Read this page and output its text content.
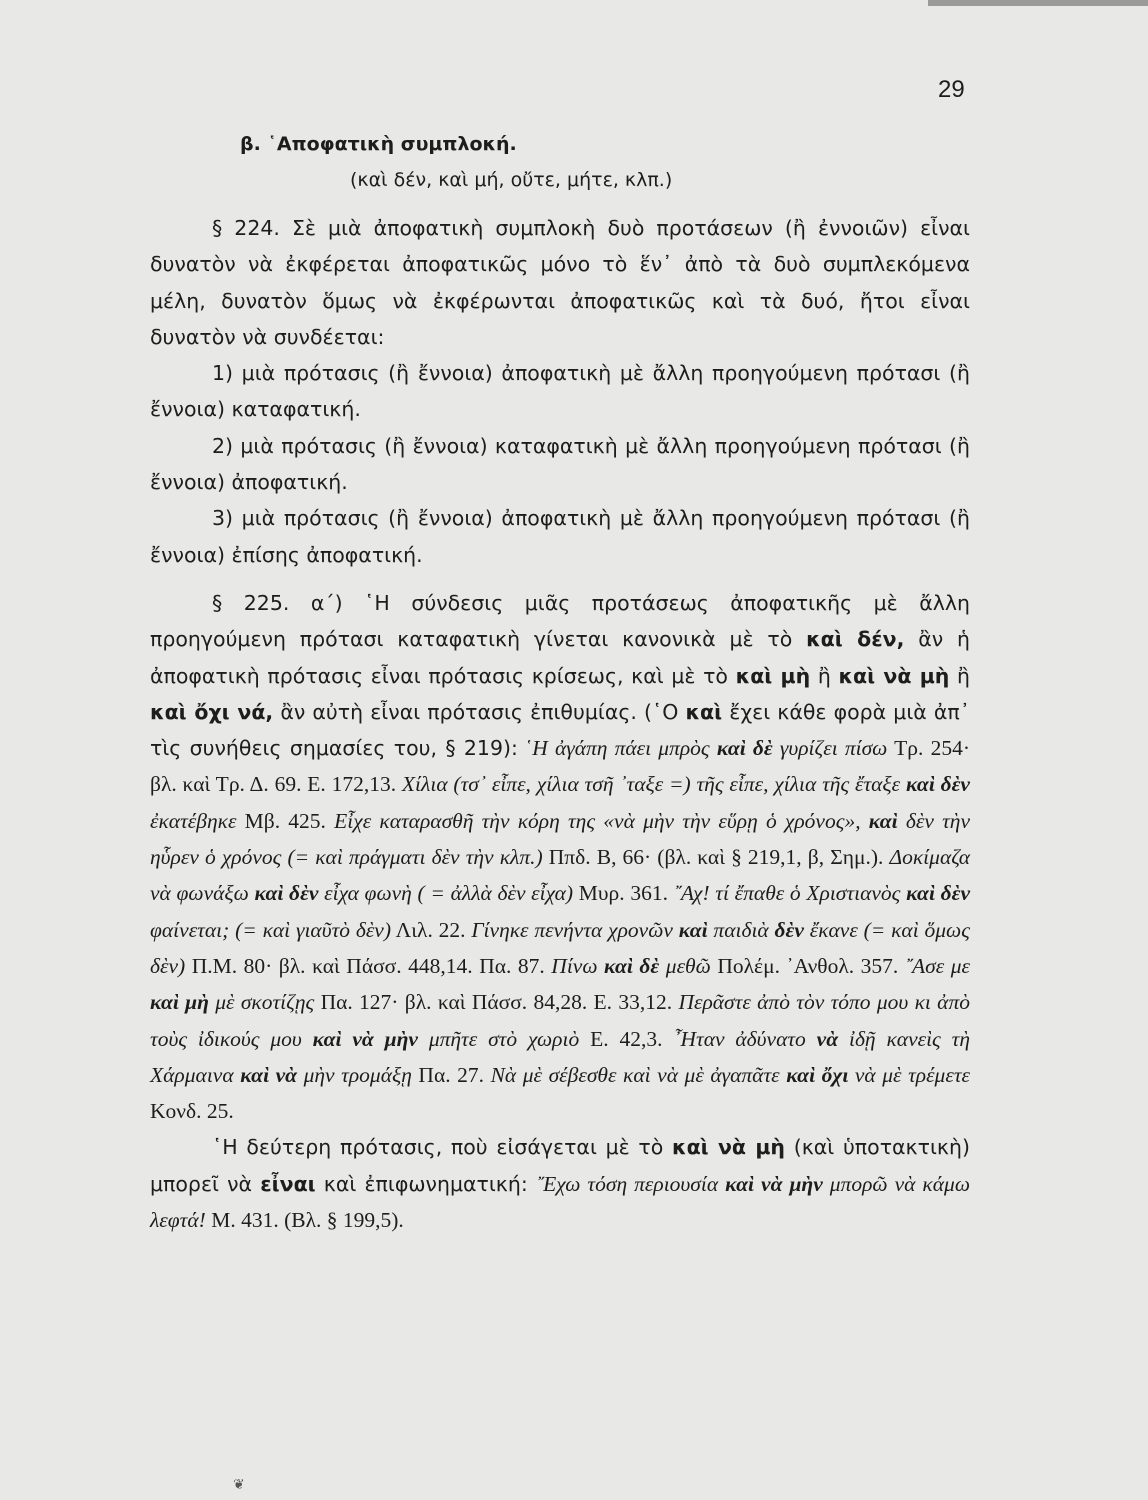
29
β. ῾Αποφατικὴ συμπλοκή.
(καὶ δέν, καὶ μή, οὔτε, μήτε, κλπ.)

§ 224. Σὲ μιὰ ἀποφατικὴ συμπλοκὴ δυὸ προτάσεων (ἢ ἐννοιῶν) εἶναι δυνατὸν νὰ ἐκφέρεται ἀποφατικῶς μόνο τὸ ἕν᾽ ἀπὸ τὰ δυὸ συμπλεκόμενα μέλη, δυνατὸν ὅμως νὰ ἐκφέρωνται ἀποφατικῶς καὶ τὰ δυό, ἤτοι εἶναι δυνατὸν νὰ συνδέεται:

1) μιὰ πρότασις (ἢ ἔννοια) ἀποφατικὴ μὲ ἄλλη προηγούμενη πρότασι (ἢ ἔννοια) καταφατική.

2) μιὰ πρότασις (ἢ ἔννοια) καταφατικὴ μὲ ἄλλη προηγούμενη πρότασι (ἢ ἔννοια) ἀποφατική.

3) μιὰ πρότασις (ἢ ἔννοια) ἀποφατικὴ μὲ ἄλλη προηγούμενη πρότασι (ἢ ἔννοια) ἐπίσης ἀποφατική.

§ 225. α΄) ῾Η σύνδεσις μιᾶς προτάσεως ἀποφατικῆς μὲ ἄλλη προηγούμενη πρότασι καταφατικὴ γίνεται κανονικὰ μὲ τὸ καὶ δέν, ἂν ἡ ἀποφατικὴ πρότασις εἶναι πρότασις κρίσεως, καὶ μὲ τὸ καὶ μὴ ἢ καὶ νὰ μὴ ἢ καὶ ὄχι νά, ἂν αὐτὴ εἶναι πρότασις ἐπιθυμίας. (῾Ο καὶ ἔχει κάθε φορὰ μιὰ ἀπ᾽ τὶς συνήθεις σημασίες του, § 219): ῾Η ἀγάπη πάει μπρὸς καὶ δὲ γυρίζει πίσω Τρ. 254· βλ. καὶ Τρ. Δ. 69. Ε. 172,13. Χίλια (τσ᾽ εἶπε, χίλια τσῆ ᾽ταξε =) τῆς εἶπε, χίλια τῆς ἔταξε καὶ δὲν ἐκατέβηκε Μβ. 425. Εἶχε καταρασθῆ τὴν κόρη της «νὰ μὴν τὴν εὕρῃ ὁ χρόνος», καὶ δὲν τὴν ηὗρεν ὁ χρόνος (= καὶ πράγματι δὲν τὴν κλπ.) Ππδ. Β, 66· (βλ. καὶ § 219,1, β, Σημ.). Δοκίμαζα νὰ φωνάξω καὶ δὲν εἶχα φωνὴ ( = ἀλλὰ δὲν εἶχα) Μυρ. 361. ῎Αχ! τί ἔπαθε ὁ Χριστιανὸς καὶ δὲν φαίνεται; (= καὶ γιαῦτὸ δὲν) Λιλ. 22. Γίνηκε πενήντα χρονῶν καὶ παιδιὰ δὲν ἔκανε (= καὶ ὅμως δὲν) Π.Μ. 80· βλ. καὶ Πάσσ. 448,14. Πα. 87. Πίνω καὶ δὲ μεθῶ Πολέμ. ᾽Ανθολ. 357. ῎Ασε με καὶ μὴ μὲ σκοτίζῃς Πα. 127· βλ. καὶ Πάσσ. 84,28. Ε. 33,12. Περᾶστε ἀπὸ τὸν τόπο μου κι ἀπὸ τοὺς ἰδικούς μου καὶ νὰ μὴν μπῆτε στὸ χωριὸ Ε. 42,3. ῏Ηταν ἀδύνατο νὰ ἰδῇ κανεὶς τὴ Χάρμαινα καὶ νὰ μὴν τρομάξῃ Πα. 27. Νὰ μὲ σέβεσθε καὶ νὰ μὲ ἀγαπᾶτε καὶ ὄχι νὰ μὲ τρέμετε Κονδ. 25.

῾Η δεύτερη πρότασις, ποὺ εἰσάγεται μὲ τὸ καὶ νὰ μὴ (καὶ ὑποτακτικὴ) μπορεῖ νὰ εἶναι καὶ ἐπιφωνηματική: ῎Εχω τόση περιουσία καὶ νὰ μὴν μπορῶ νὰ κάμω λεφτά! Μ. 431. (Βλ. § 199,5).

❦
